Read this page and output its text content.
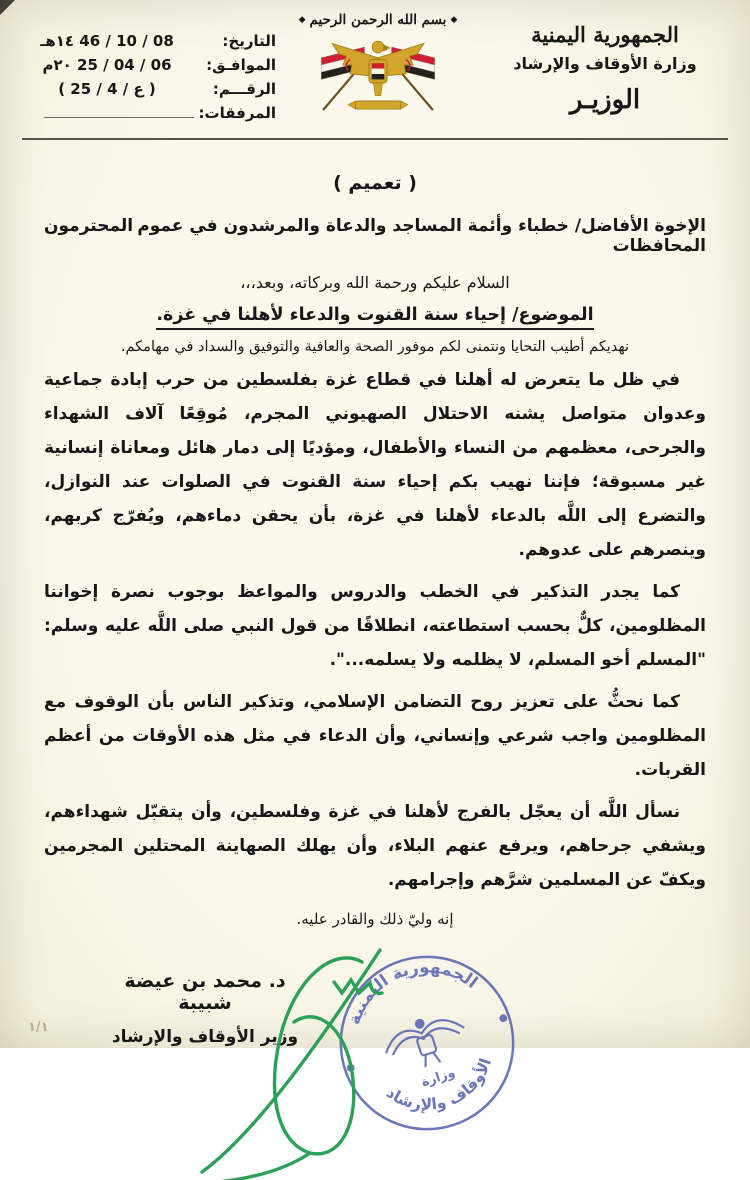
الجمهورية اليمنية
وزارة الأوقاف والإرشاد
الوزيـر
◆بسم الله الرحمن الرحيم◆
التاريخ:
08 / 10 / 46 ١٤هـ
الموافـق:
06 / 04 / 25 ٢٠م
الرقـــم:
( ع / 4 / 25 )
المرفقات:
( تعميم )
الإخوة الأفاضل/ خطباء وأئمة المساجد والدعاة والمرشدون في عموم المحافظات
المحترمون
السلام عليكم ورحمة الله وبركاته، وبعد،،،
الموضوع/ إحياء سنة القنوت والدعاء لأهلنا في غزة.
نهديكم أطيب التحايا ونتمنى لكم موفور الصحة والعافية والتوفيق والسداد في مهامكم.

في ظل ما يتعرض له أهلنا في قطاع غزة بفلسطين من حرب إبادة جماعية وعدوان متواصل يشنه الاحتلال الصهيوني المجرم، مُوقِعًا آلاف الشهداء والجرحى، معظمهم من النساء والأطفال، ومؤديًا إلى دمار هائل ومعاناة إنسانية غير مسبوقة؛ فإننا نهيب بكم إحياء سنة القنوت في الصلوات عند النوازل، والتضرع إلى اللَّه بالدعاء لأهلنا في غزة، بأن يحقن دماءهم، ويُفرّج كربهم، وينصرهم على عدوهم.

كما يجدر التذكير في الخطب والدروس والمواعظ بوجوب نصرة إخواننا المظلومين، كلٌّ بحسب استطاعته، انطلاقًا من قول النبي صلى اللَّه عليه وسلم: "المسلم أخو المسلم، لا يظلمه ولا يسلمه...".

كما نحثُّ على تعزيز روح التضامن الإسلامي، وتذكير الناس بأن الوقوف مع المظلومين واجب شرعي وإنساني، وأن الدعاء في مثل هذه الأوقات من أعظم القربات.

نسأل اللَّه أن يعجّل بالفرج لأهلنا في غزة وفلسطين، وأن يتقبّل شهداءهم، ويشفي جرحاهم، ويرفع عنهم البلاء، وأن يهلك الصهاينة المحتلين المجرمين ويكفّ عن المسلمين شرَّهم وإجرامهم.

إنه وليّ ذلك والقادر عليه.
د. محمد بن عيضة شبيبة
وزير الأوقاف والإرشاد
الجمهورية اليمنية
الأوقاف والإرشاد
وزارة
١/١
